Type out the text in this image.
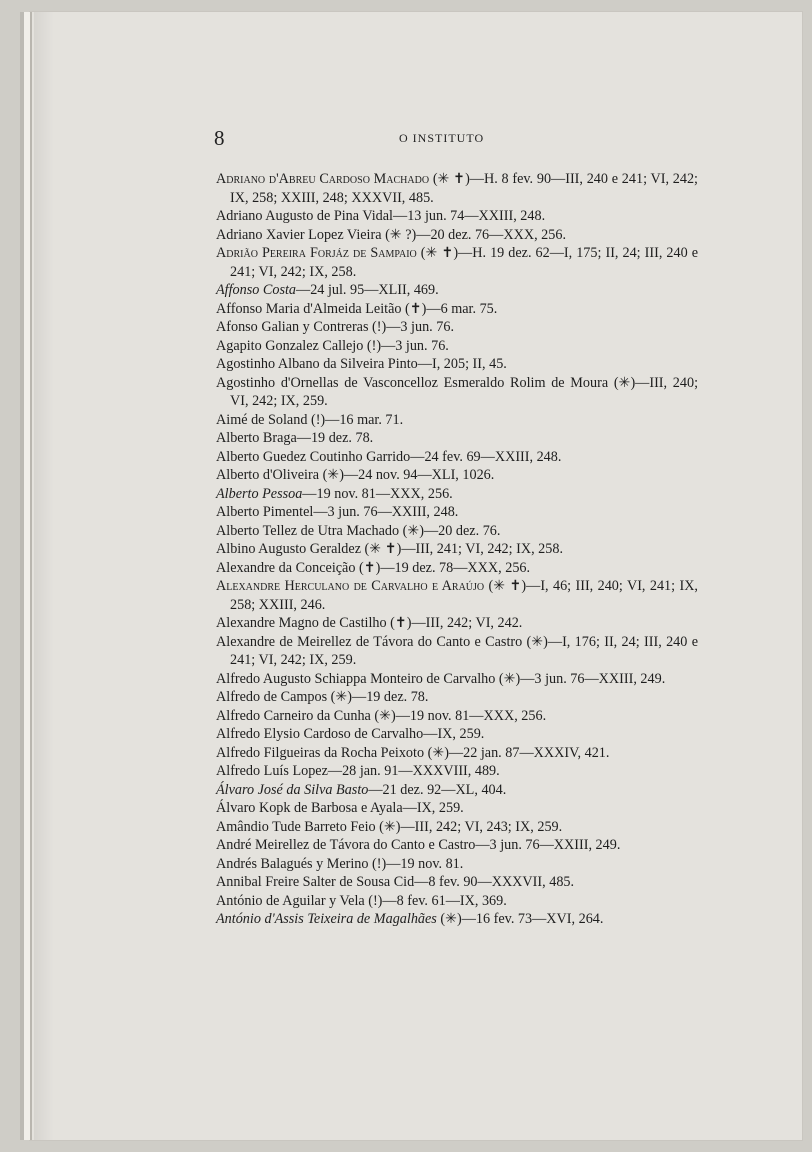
8	O INSTITUTO
Adriano d'Abreu Cardoso Machado (✳ ✝)—H. 8 fev. 90—III, 240 e 241; VI, 242; IX, 258; XXIII, 248; XXXVII, 485.
Adriano Augusto de Pina Vidal—13 jun. 74—XXIII, 248.
Adriano Xavier Lopez Vieira (✳ ?)—20 dez. 76—XXX, 256.
Adrião Pereira Forjáz de Sampaio (✳ ✝)—H. 19 dez. 62—I, 175; II, 24; III, 240 e 241; VI, 242; IX, 258.
Affonso Costa—24 jul. 95—XLII, 469.
Affonso Maria d'Almeida Leitão (✝)—6 mar. 75.
Afonso Galian y Contreras (!)—3 jun. 76.
Agapito Gonzalez Callejo (!)—3 jun. 76.
Agostinho Albano da Silveira Pinto—I, 205; II, 45.
Agostinho d'Ornellas de Vasconcelloz Esmeraldo Rolim de Moura (✳)—III, 240; VI, 242; IX, 259.
Aimé de Soland (!)—16 mar. 71.
Alberto Braga—19 dez. 78.
Alberto Guedez Coutinho Garrido—24 fev. 69—XXIII, 248.
Alberto d'Oliveira (✳)—24 nov. 94—XLI, 1026.
Alberto Pessoa—19 nov. 81—XXX, 256.
Alberto Pimentel—3 jun. 76—XXIII, 248.
Alberto Tellez de Utra Machado (✳)—20 dez. 76.
Albino Augusto Geraldez (✳ ✝)—III, 241; VI, 242; IX, 258.
Alexandre da Conceição (✝)—19 dez. 78—XXX, 256.
Alexandre Herculano de Carvalho e Araújo (✳ ✝)—I, 46; III, 240; VI, 241; IX, 258; XXIII, 246.
Alexandre Magno de Castilho (✝)—III, 242; VI, 242.
Alexandre de Meirellez de Távora do Canto e Castro (✳)—I, 176; II, 24; III, 240 e 241; VI, 242; IX, 259.
Alfredo Augusto Schiappa Monteiro de Carvalho (✳)—3 jun. 76—XXIII, 249.
Alfredo de Campos (✳)—19 dez. 78.
Alfredo Carneiro da Cunha (✳)—19 nov. 81—XXX, 256.
Alfredo Elysio Cardoso de Carvalho—IX, 259.
Alfredo Filgueiras da Rocha Peixoto (✳)—22 jan. 87—XXXIV, 421.
Alfredo Luís Lopez—28 jan. 91—XXXVIII, 489.
Álvaro José da Silva Basto—21 dez. 92—XL, 404.
Álvaro Kopk de Barbosa e Ayala—IX, 259.
Amândio Tude Barreto Feio (✳)—III, 242; VI, 243; IX, 259.
André Meirellez de Távora do Canto e Castro—3 jun. 76—XXIII, 249.
Andrés Balagués y Merino (!)—19 nov. 81.
Annibal Freire Salter de Sousa Cid—8 fev. 90—XXXVII, 485.
António de Aguilar y Vela (!)—8 fev. 61—IX, 369.
António d'Assis Teixeira de Magalhães (✳)—16 fev. 73—XVI, 264.
